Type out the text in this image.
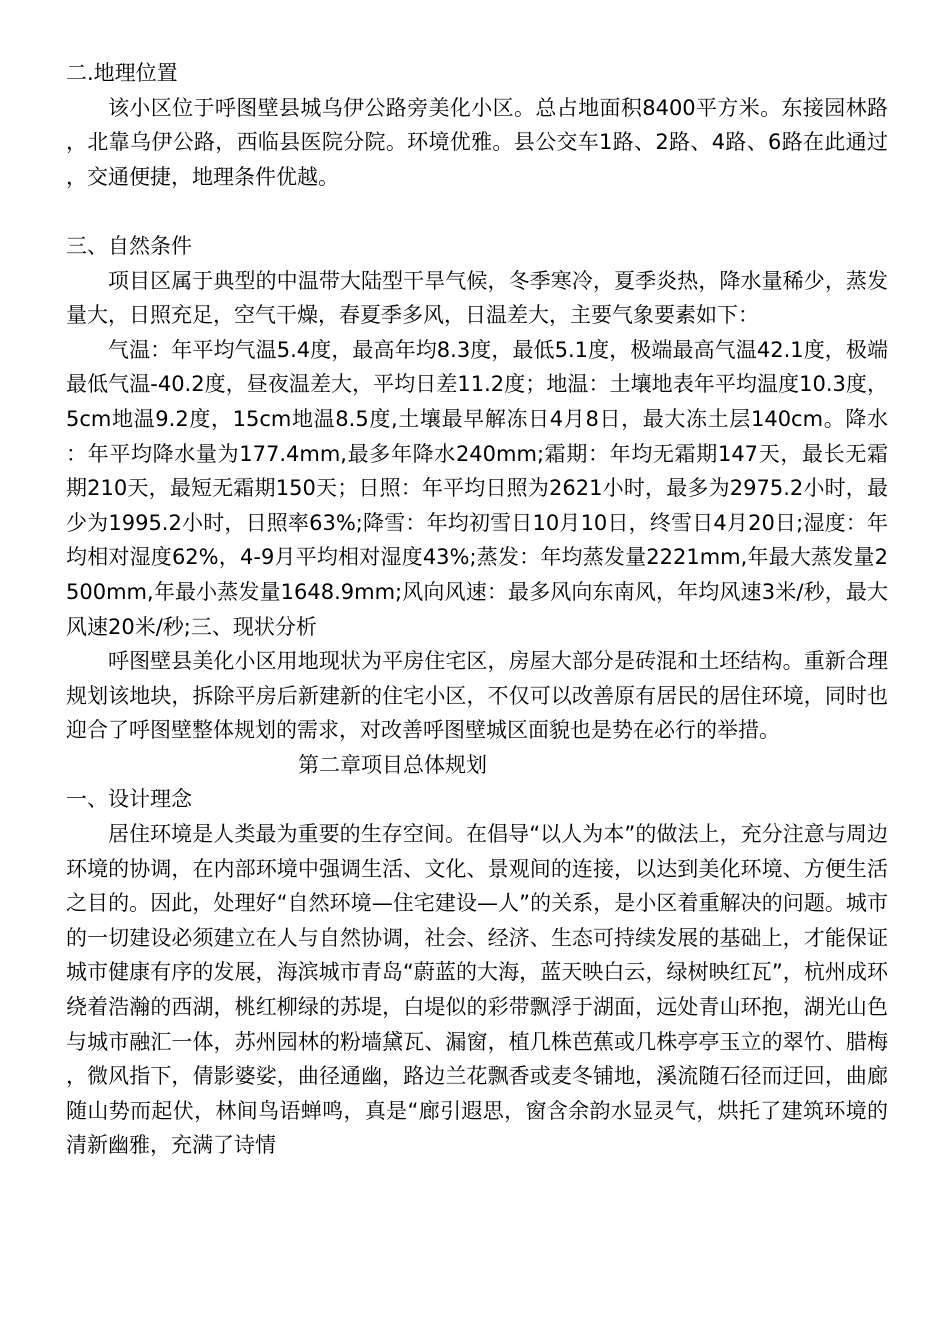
二.地理位置

该小区位于呼图壁县城乌伊公路旁美化小区。总占地面积8400平方米。东接园林路，北靠乌伊公路，西临县医院分院。环境优雅。县公交车1路、2路、4路、6路在此通过，交通便捷，地理条件优越。

三、自然条件

项目区属于典型的中温带大陆型干旱气候，冬季寒冷，夏季炎热，降水量稀少，蒸发量大，日照充足，空气干燥，春夏季多风，日温差大，主要气象要素如下：

气温：年平均气温5.4度，最高年均8.3度，最低5.1度，极端最高气温42.1度，极端最低气温-40.2度，昼夜温差大，平均日差11.2度；地温：土壤地表年平均温度10.3度，5cm地温9.2度，15cm地温8.5度,土壤最早解冻日4月8日，最大冻土层140cm。降水：年平均降水量为177.4mm,最多年降水240mm;霜期：年均无霜期147天，最长无霜期210天，最短无霜期150天；日照：年平均日照为2621小时，最多为2975.2小时，最少为1995.2小时，日照率63%;降雪：年均初雪日10月10日，终雪日4月20日;湿度：年均相对湿度62%，4-9月平均相对湿度43%;蒸发：年均蒸发量2221mm,年最大蒸发量2500mm,年最小蒸发量1648.9mm;风向风速：最多风向东南风，年均风速3米/秒，最大风速20米/秒;三、现状分析

呼图壁县美化小区用地现状为平房住宅区，房屋大部分是砖混和土坯结构。重新合理规划该地块，拆除平房后新建新的住宅小区，不仅可以改善原有居民的居住环境，同时也迎合了呼图壁整体规划的需求，对改善呼图壁城区面貌也是势在必行的举措。

第二章项目总体规划

一、设计理念

居住环境是人类最为重要的生存空间。在倡导“以人为本”的做法上，充分注意与周边环境的协调，在内部环境中强调生活、文化、景观间的连接，以达到美化环境、方便生活之目的。因此，处理好“自然环境—住宅建设—人”的关系，是小区着重解决的问题。城市的一切建设必须建立在人与自然协调，社会、经济、生态可持续发展的基础上，才能保证城市健康有序的发展，海滨城市青岛“蔚蓝的大海，蓝天映白云，绿树映红瓦”，杭州成环绕着浩瀚的西湖，桃红柳绿的苏堤，白堤似的彩带飘浮于湖面，远处青山环抱，湖光山色与城市融汇一体，苏州园林的粉墙黛瓦、漏窗，植几株芭蕉或几株亭亭玉立的翠竹、腊梅，微风指下，倩影婆娑，曲径通幽，路边兰花飘香或麦冬铺地，溪流随石径而迂回，曲廊随山势而起伏，林间鸟语蝉鸣，真是“廊引遐思，窗含余韵水显灵气，烘托了建筑环境的清新幽雅，充满了诗情
